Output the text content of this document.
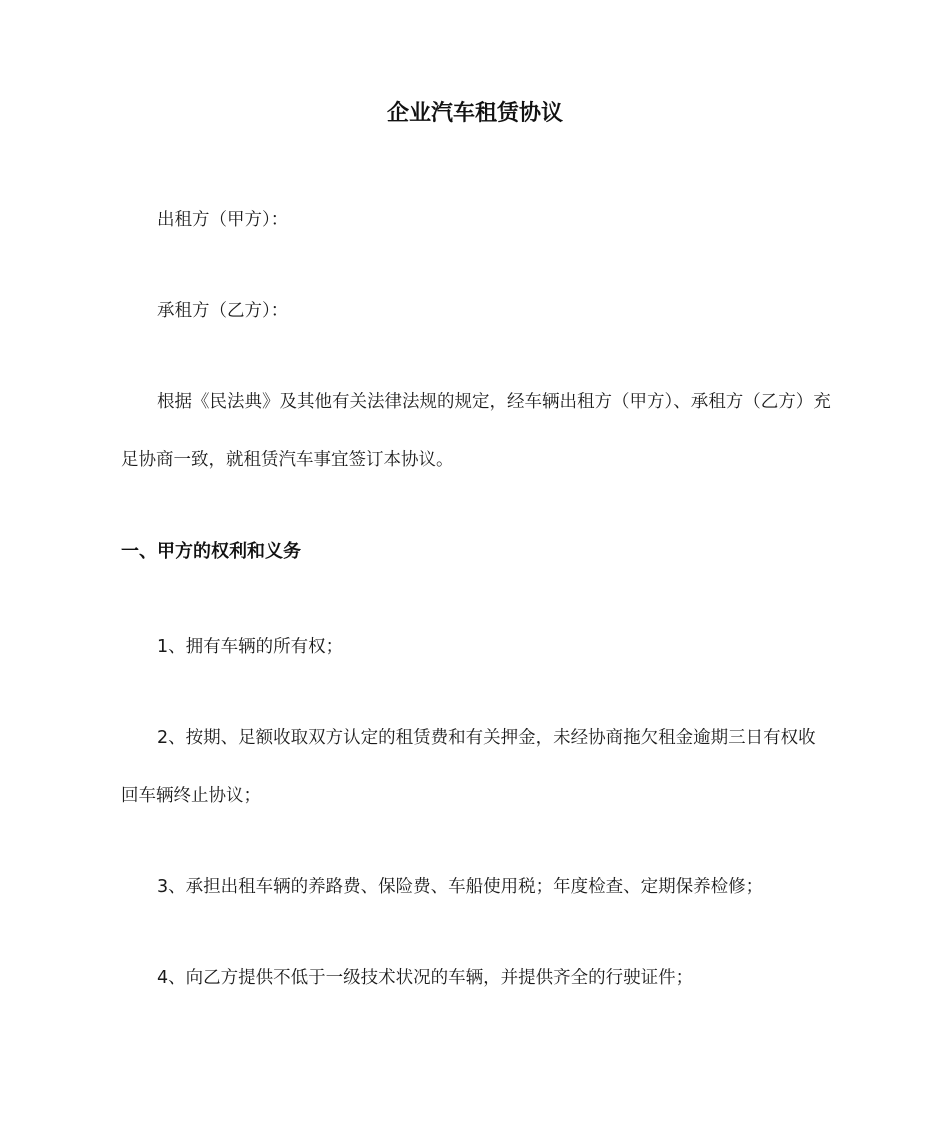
企业汽车租赁协议

出租方（甲方）：

承租方（乙方）：

根据《民法典》及其他有关法律法规的规定，经车辆出租方（甲方）、承租方（乙方）充足协商一致，就租赁汽车事宜签订本协议。

一、甲方的权利和义务

1、拥有车辆的所有权；

2、按期、足额收取双方认定的租赁费和有关押金，未经协商拖欠租金逾期三日有权收回车辆终止协议；

3、承担出租车辆的养路费、保险费、车船使用税；年度检查、定期保养检修；

4、向乙方提供不低于一级技术状况的车辆，并提供齐全的行驶证件；
